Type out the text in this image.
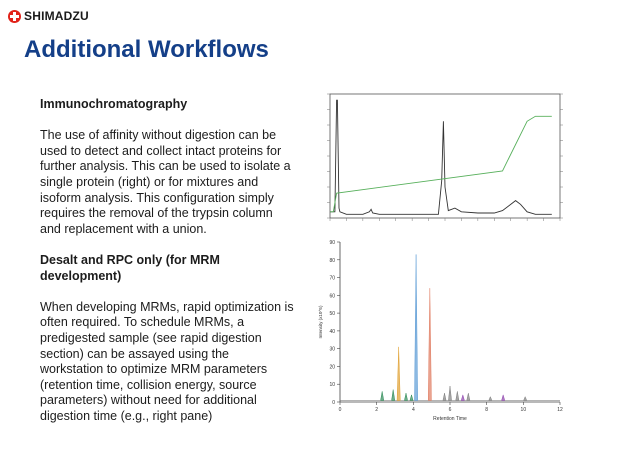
SHIMADZU
Additional Workflows

Immunochromatography

The use of affinity without digestion can be used to detect and collect intact proteins for further analysis. This can be used to isolate a single protein (right) or for mixtures and isoform analysis. This configuration simply requires the removal of the trypsin column and replacement with a union.

Desalt and RPC only (for MRM development)

When developing MRMs, rapid optimization is often required. To schedule MRMs, a predigested sample (see rapid digestion section) can be assayed using the workstation to optimize MRM parameters (retention time, collision energy, source parameters) without need for additional digestion time (e.g., right pane)

0
10
20
30
40
50
60
70
80
90
0	2	4	6	8	10	12
Retention Time
Intensity (x10^5)
